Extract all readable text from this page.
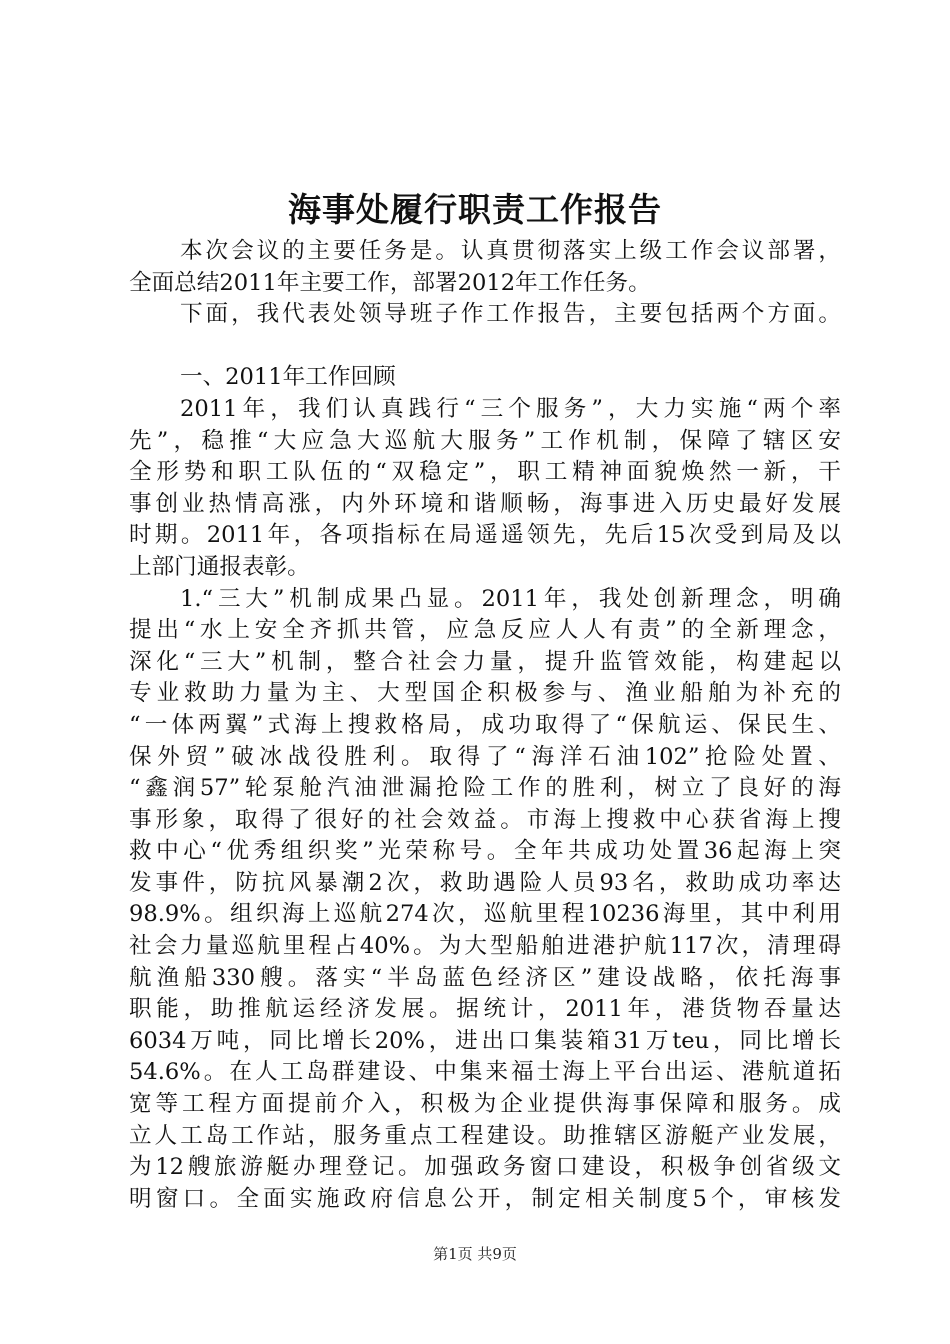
海事处履行职责工作报告
本次会议的主要任务是。认真贯彻落实上级工作会议部署，
全面总结2011年主要工作，部署2012年工作任务。
下面，我代表处领导班子作工作报告，主要包括两个方面。
一、2011年工作回顾
2011年，我们认真践行“三个服务”，大力实施“两个率
先”，稳推“大应急大巡航大服务”工作机制，保障了辖区安
全形势和职工队伍的“双稳定”，职工精神面貌焕然一新，干
事创业热情高涨，内外环境和谐顺畅，海事进入历史最好发展
时期。2011年，各项指标在局遥遥领先，先后15次受到局及以
上部门通报表彰。
1.“三大”机制成果凸显。2011年，我处创新理念，明确
提出“水上安全齐抓共管，应急反应人人有责”的全新理念，
深化“三大”机制，整合社会力量，提升监管效能，构建起以
专业救助力量为主、大型国企积极参与、渔业船舶为补充的
“一体两翼”式海上搜救格局，成功取得了“保航运、保民生、
保外贸”破冰战役胜利。取得了“海洋石油102”抢险处置、
“鑫润57”轮泵舱汽油泄漏抢险工作的胜利，树立了良好的海
事形象，取得了很好的社会效益。市海上搜救中心获省海上搜
救中心“优秀组织奖”光荣称号。全年共成功处置36起海上突
发事件，防抗风暴潮2次，救助遇险人员93名，救助成功率达
98.9%。组织海上巡航274次，巡航里程10236海里，其中利用
社会力量巡航里程占40%。为大型船舶进港护航117次，清理碍
航渔船330艘。落实“半岛蓝色经济区”建设战略，依托海事
职能，助推航运经济发展。据统计，2011年，港货物吞量达
6034万吨，同比增长20%，进出口集装箱31万teu，同比增长
54.6%。在人工岛群建设、中集来福士海上平台出运、港航道拓
宽等工程方面提前介入，积极为企业提供海事保障和服务。成
立人工岛工作站，服务重点工程建设。助推辖区游艇产业发展，
为12艘旅游艇办理登记。加强政务窗口建设，积极争创省级文
明窗口。全面实施政府信息公开，制定相关制度5个，审核发
第1页 共9页
